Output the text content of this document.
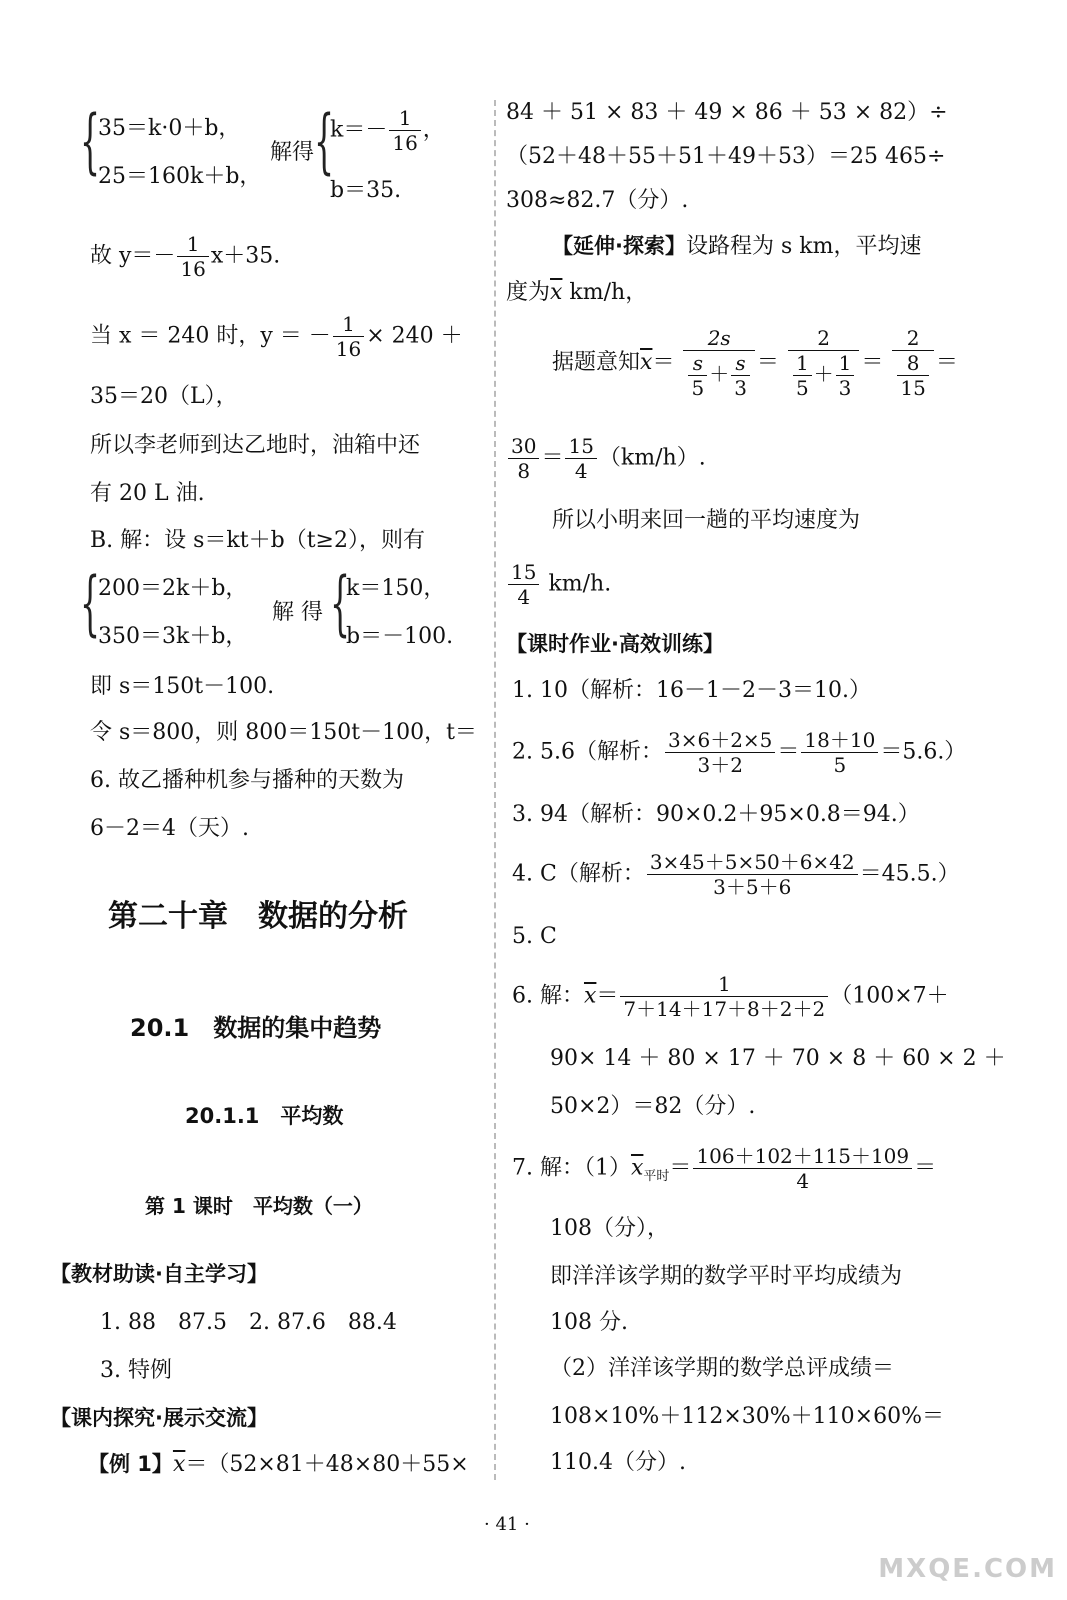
{
35＝k·0＋b，
25＝160k＋b，
解得 {
$k=- \frac{1}{16}$ ，
b＝35.
故 $y=- \frac{1}{16} x+35$.
当 x ＝ 240 时，y ＝ － $\frac{1}{16} \times 240$ ＋
35＝20（L），
所以李老师到达乙地时，油箱中还
有 20 L 油.
B. 解：设 s＝kt＋b（t≥2），则有
{
200＝2k＋b，
350＝3k＋b，
解 得 {
k＝150，
b＝－100.
即 s＝150t－100.
令 s＝800，则 800＝150t－100，t＝
6. 故乙播种机参与播种的天数为
6－2＝4（天）.
第二十章　数据的分析
20.1　数据的集中趋势
20.1.1　平均数
第 1 课时　平均数（一）
【教材助读·自主学习】
1. 88　87.5　2. 87.6　88.4
3. 特例
【课内探究·展示交流】
【例 1】$\overline{x}=(52\times 81+48\times 80+55\times$
84 ＋ 51 × 83 ＋ 49 × 86 ＋ 53 × 82）÷
（52＋48＋55＋51＋49＋53）＝25 465÷
308≈82.7（分）.
【延伸·探索】设路程为 s km，平均速
度为$\overline{x}$ km/h，
据题意知$\overline{x}= \frac{2s}{\frac{s}{5} + \frac{s}{3}} = \frac{2}{\frac{1}{5} + \frac{1}{3}} = \frac{2}{\frac{8}{15}}$ ＝
$\frac{30}{8} = \frac{15}{4} (km/h)$.
所以小明来回一趟的平均速度为
$\frac{15}{4} km/h$.
【课时作业·高效训练】
1. 10（解析：16－1－2－3＝10.）
2. 5.6（解析： $\frac{3\times 6+2\times 5}{3+2} = \frac{18+10}{5} =5.6$.）
3. 94（解析：90×0.2＋95×0.8＝94.）
4. C（解析： $\frac{3\times 45+5\times 50+6\times 42}{3+5+6} =45.5$.）
5. C
6. 解：$\overline{x}= \frac{1}{7+14+17+8+2+2} (100\times 7+$
90× 14 ＋ 80 × 17 ＋ 70 × 8 ＋ 60 × 2 ＋
50×2）＝82（分）.
7. 解：$(1)\overline{x}_{平时}= \frac{106+102+115+109}{4}$ ＝
108（分），
即洋洋该学期的数学平时平均成绩为
108 分.
（2）洋洋该学期的数学总评成绩＝
108×10%＋112×30%＋110×60%＝
110.4（分）.
· 41 ·
MXQE.COM
